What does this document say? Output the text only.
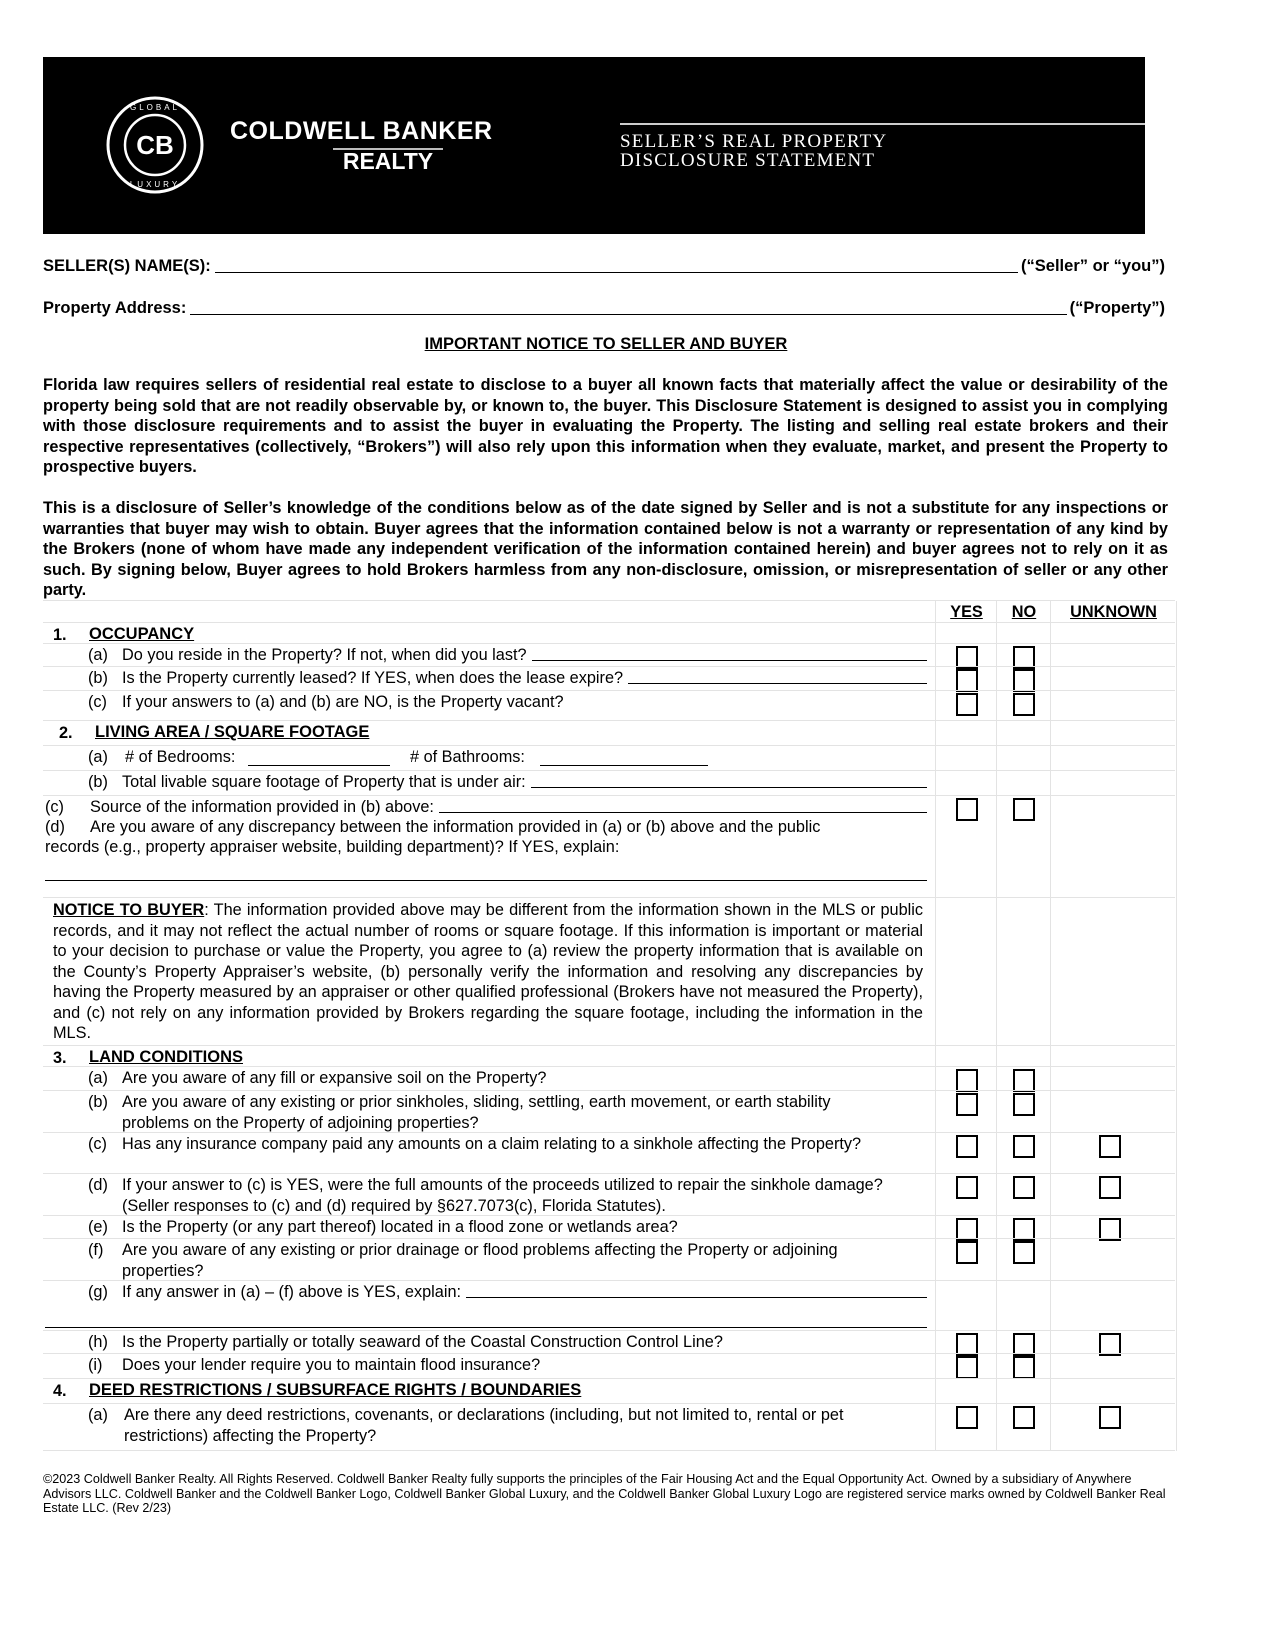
CB
GLOBAL
LUXURY
COLDWELL BANKER
REALTY
SELLER’S REAL PROPERTY
DISCLOSURE STATEMENT
SELLER(S) NAME(S):	(“Seller” or “you”)
Property Address:	(“Property”)
IMPORTANT NOTICE TO SELLER AND BUYER
Florida law requires sellers of residential real estate to disclose to a buyer all known facts that materially affect the value or desirability of the property being sold that are not readily observable by, or known to, the buyer. This Disclosure Statement is designed to assist you in complying with those disclosure requirements and to assist the buyer in evaluating the Property. The listing and selling real estate brokers and their respective representatives (collectively, “Brokers”) will also rely upon this information when they evaluate, market, and present the Property to prospective buyers.
This is a disclosure of Seller’s knowledge of the conditions below as of the date signed by Seller and is not a substitute for any inspections or warranties that buyer may wish to obtain. Buyer agrees that the information contained below is not a warranty or representation of any kind by the Brokers (none of whom have made any independent verification of the information contained herein) and buyer agrees not to rely on it as such. By signing below, Buyer agrees to hold Brokers harmless from any non-disclosure, omission, or misrepresentation of seller or any other party.
YES	NO	UNKNOWN
1. OCCUPANCY
(a) Do you reside in the Property? If not, when did you last?
(b) Is the Property currently leased? If YES, when does the lease expire?
(c) If your answers to (a) and (b) are NO, is the Property vacant?
2. LIVING AREA / SQUARE FOOTAGE
(a) # of Bedrooms:	# of Bathrooms:
(b) Total livable square footage of Property that is under air:
(c) Source of the information provided in (b) above:
(d) Are you aware of any discrepancy between the information provided in (a) or (b) above and the public
records (e.g., property appraiser website, building department)? If YES, explain:
NOTICE TO BUYER: The information provided above may be different from the information shown in the MLS or public records, and it may not reflect the actual number of rooms or square footage. If this information is important or material to your decision to purchase or value the Property, you agree to (a) review the property information that is available on the County’s Property Appraiser’s website, (b) personally verify the information and resolving any discrepancies by having the Property measured by an appraiser or other qualified professional (Brokers have not measured the Property), and (c) not rely on any information provided by Brokers regarding the square footage, including the information in the MLS.
3. LAND CONDITIONS
(a) Are you aware of any fill or expansive soil on the Property?
(b) Are you aware of any existing or prior sinkholes, sliding, settling, earth movement, or earth stability problems on the Property of adjoining properties?
(c) Has any insurance company paid any amounts on a claim relating to a sinkhole affecting the Property?
(d) If your answer to (c) is YES, were the full amounts of the proceeds utilized to repair the sinkhole damage? (Seller responses to (c) and (d) required by §627.7073(c), Florida Statutes).
(e) Is the Property (or any part thereof) located in a flood zone or wetlands area?
(f) Are you aware of any existing or prior drainage or flood problems affecting the Property or adjoining properties?
(g) If any answer in (a) – (f) above is YES, explain:
(h) Is the Property partially or totally seaward of the Coastal Construction Control Line?
(i) Does your lender require you to maintain flood insurance?
4. DEED RESTRICTIONS / SUBSURFACE RIGHTS / BOUNDARIES
(a) Are there any deed restrictions, covenants, or declarations (including, but not limited to, rental or pet restrictions) affecting the Property?
©2023 Coldwell Banker Realty. All Rights Reserved. Coldwell Banker Realty fully supports the principles of the Fair Housing Act and the Equal Opportunity Act. Owned by a subsidiary of Anywhere Advisors LLC. Coldwell Banker and the Coldwell Banker Logo, Coldwell Banker Global Luxury, and the Coldwell Banker Global Luxury Logo are registered service marks owned by Coldwell Banker Real Estate LLC. (Rev 2/23)
